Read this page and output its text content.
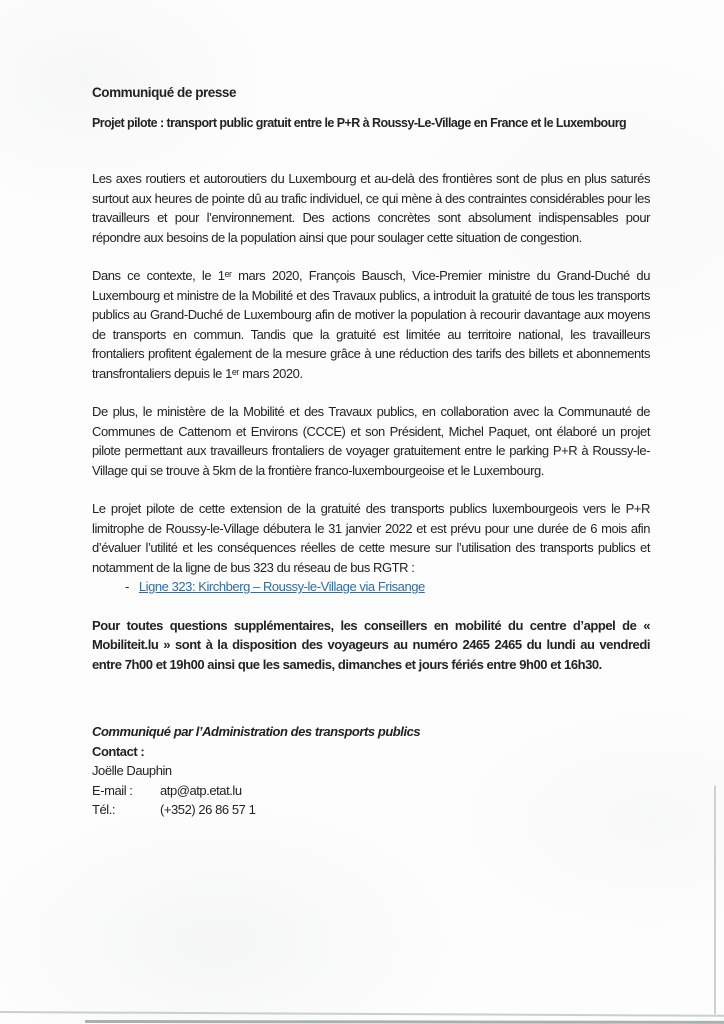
Communiqué de presse

Projet pilote : transport public gratuit entre le P+R à Roussy-Le-Village en France et le Luxembourg

Les axes routiers et autoroutiers du Luxembourg et au-delà des frontières sont de plus en plus saturés surtout aux heures de pointe dû au trafic individuel, ce qui mène à des contraintes considérables pour les travailleurs et pour l’environnement. Des actions concrètes sont absolument indispensables pour répondre aux besoins de la population ainsi que pour soulager cette situation de congestion.

Dans ce contexte, le 1ᵉʳ mars 2020, François Bausch, Vice-Premier ministre du Grand-Duché du Luxembourg et ministre de la Mobilité et des Travaux publics, a introduit la gratuité de tous les transports publics au Grand-Duché de Luxembourg afin de motiver la population à recourir davantage aux moyens de transports en commun. Tandis que la gratuité est limitée au territoire national, les travailleurs frontaliers profitent également de la mesure grâce à une réduction des tarifs des billets et abonnements transfrontaliers depuis le 1ᵉʳ mars 2020.

De plus, le ministère de la Mobilité et des Travaux publics, en collaboration avec la Communauté de Communes de Cattenom et Environs (CCCE) et son Président, Michel Paquet, ont élaboré un projet pilote permettant aux travailleurs frontaliers de voyager gratuitement entre le parking P+R à Roussy-le-Village qui se trouve à 5km de la frontière franco-luxembourgeoise et le Luxembourg.

Le projet pilote de cette extension de la gratuité des transports publics luxembourgeois vers le P+R limitrophe de Roussy-le-Village débutera le 31 janvier 2022 et est prévu pour une durée de 6 mois afin d’évaluer l’utilité et les conséquences réelles de cette mesure sur l’utilisation des transports publics et notamment de la ligne de bus 323 du réseau de bus RGTR :

- Ligne 323: Kirchberg – Roussy-le-Village via Frisange

Pour toutes questions supplémentaires, les conseillers en mobilité du centre d’appel de « Mobiliteit.lu » sont à la disposition des voyageurs au numéro 2465 2465 du lundi au vendredi entre 7h00 et 19h00 ainsi que les samedis, dimanches et jours fériés entre 9h00 et 16h30.

Communiqué par l’Administration des transports publics

Contact :

Joëlle Dauphin

E-mail :	atp@atp.etat.lu
Tél.:	(+352) 26 86 57 1
